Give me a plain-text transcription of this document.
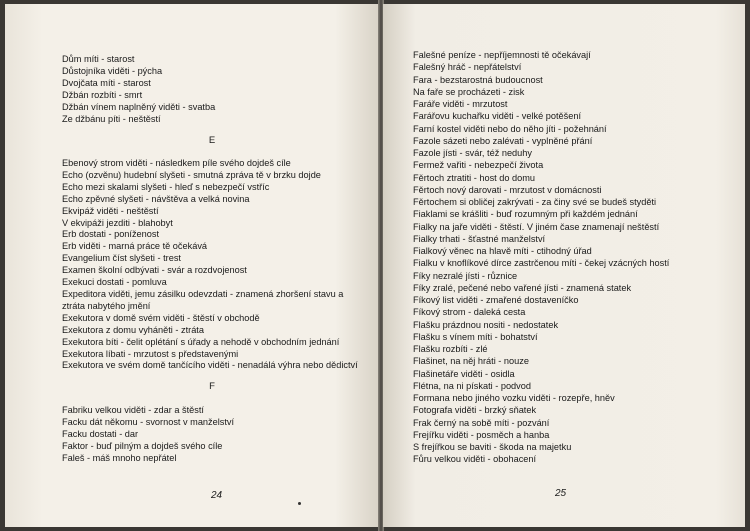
Dům míti - starost
Důstojníka viděti - pýcha
Dvojčata míti - starost
Džbán rozbíti - smrt
Džbán vínem naplněný viděti - svatba
Ze džbánu píti - neštěstí
E
Ebenový strom viděti - následkem píle svého dojdeš cíle
Echo (ozvěnu) hudební slyšeti - smutná zpráva tě v brzku dojde
Echo mezi skalami slyšeti - hleď s nebezpečí vstříc
Echo zpěvné slyšeti - návštěva a velká novina
Ekvipáž viděti - neštěstí
V ekvipáži jezditi - blahobyt
Erb dostati - poníženost
Erb viděti - marná práce tě očekává
Evangelium číst slyšeti - trest
Examen školní odbývati - svár a rozdvojenost
Exekuci dostati - pomluva
Expeditora viděti, jemu zásilku odevzdati - znamená zhoršení stavu a ztráta nabytého jmění
Exekutora v domě svém viděti - štěstí v obchodě
Exekutora z domu vyháněti - ztráta
Exekutora bíti - čelit oplétání s úřady a nehodě v obchodním jednání
Exekutora líbati - mrzutost s představenými
Exekutora ve svém domě tančícího viděti - nenadálá výhra nebo dědictví
F
Fabriku velkou viděti - zdar a štěstí
Facku dát někomu - svornost v manželství
Facku dostati - dar
Faktor - buď pilným a dojdeš svého cíle
Faleš - máš mnoho nepřátel
24
Falešné peníze - nepříjemnosti tě očekávají
Falešný hráč - nepřátelství
Fara - bezstarostná budoucnost
Na faře se procházeti - zisk
Faráře viděti - mrzutost
Farářovu kuchařku viděti - velké potěšení
Farní kostel viděti nebo do něho jíti - požehnání
Fazole sázeti nebo zalévati - vyplněné přání
Fazole jísti - svár, též neduhy
Fermež vařiti - nebezpečí života
Fěrtoch ztratiti - host do domu
Fěrtoch nový darovati - mrzutost v domácnosti
Fěrtochem si obličej zakrývati - za činy své se budeš styděti
Fiaklami se krášliti - buď rozumným při každém jednání
Fialky na jaře viděti - štěstí. V jiném čase znamenají neštěstí
Fialky trhati - šťastné manželství
Fialkový věnec na hlavě míti - ctihodný úřad
Fialku v knoflíkové dírce zastrčenou míti - čekej vzácných hostí
Fíky nezralé jísti - různice
Fíky zralé, pečené nebo vařené jísti - znamená statek
Fíkový list viděti - zmařené dostaveníčko
Fíkový strom - daleká cesta
Flašku prázdnou nositi - nedostatek
Flašku s vínem míti - bohatství
Flašku rozbíti - zlé
Flašinet, na něj hráti - nouze
Flašinetáře viděti - osidla
Flétna, na ni pískati - podvod
Formana nebo jiného vozku viděti - rozepře, hněv
Fotografa viděti - brzký sňatek
Frak černý na sobě míti - pozvání
Frejířku viděti - posměch a hanba
S frejířkou se baviti - škoda na majetku
Fůru velkou viděti - obohacení
25
